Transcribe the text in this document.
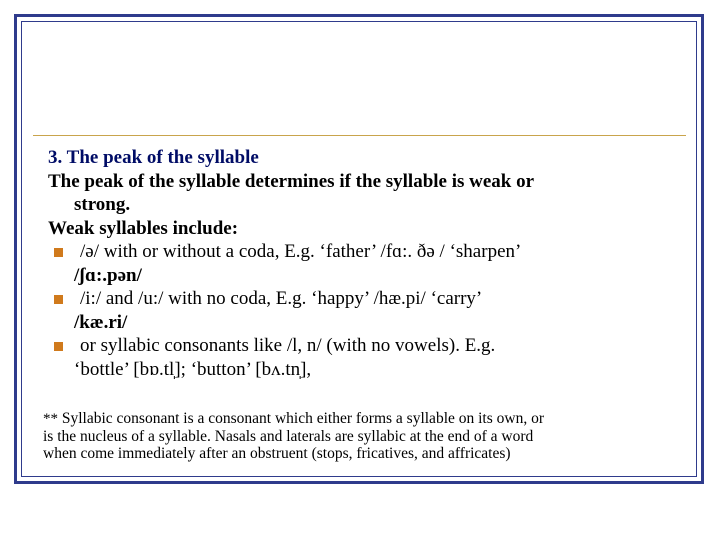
3. The peak of the syllable
The peak of the syllable determines if the syllable is weak or
strong.
Weak syllables include:
/ə/ with or without a coda, E.g. ‘father’ /fɑ:. ðə / ‘sharpen’
/ʃɑ:.pən/
/i:/ and /u:/ with no coda, E.g. ‘happy’ /hæ.pi/ ‘carry’
/kæ.ri/
or syllabic consonants like /l, n/ (with no vowels). E.g.
‘bottle’ [bɒ.tl̩]; ‘button’ [bʌ.tn̩],
** Syllabic consonant is a consonant which either forms a syllable on its own, or
is the nucleus of a syllable. Nasals and laterals are syllabic at the end of a word
when come immediately after an obstruent (stops, fricatives, and affricates)
